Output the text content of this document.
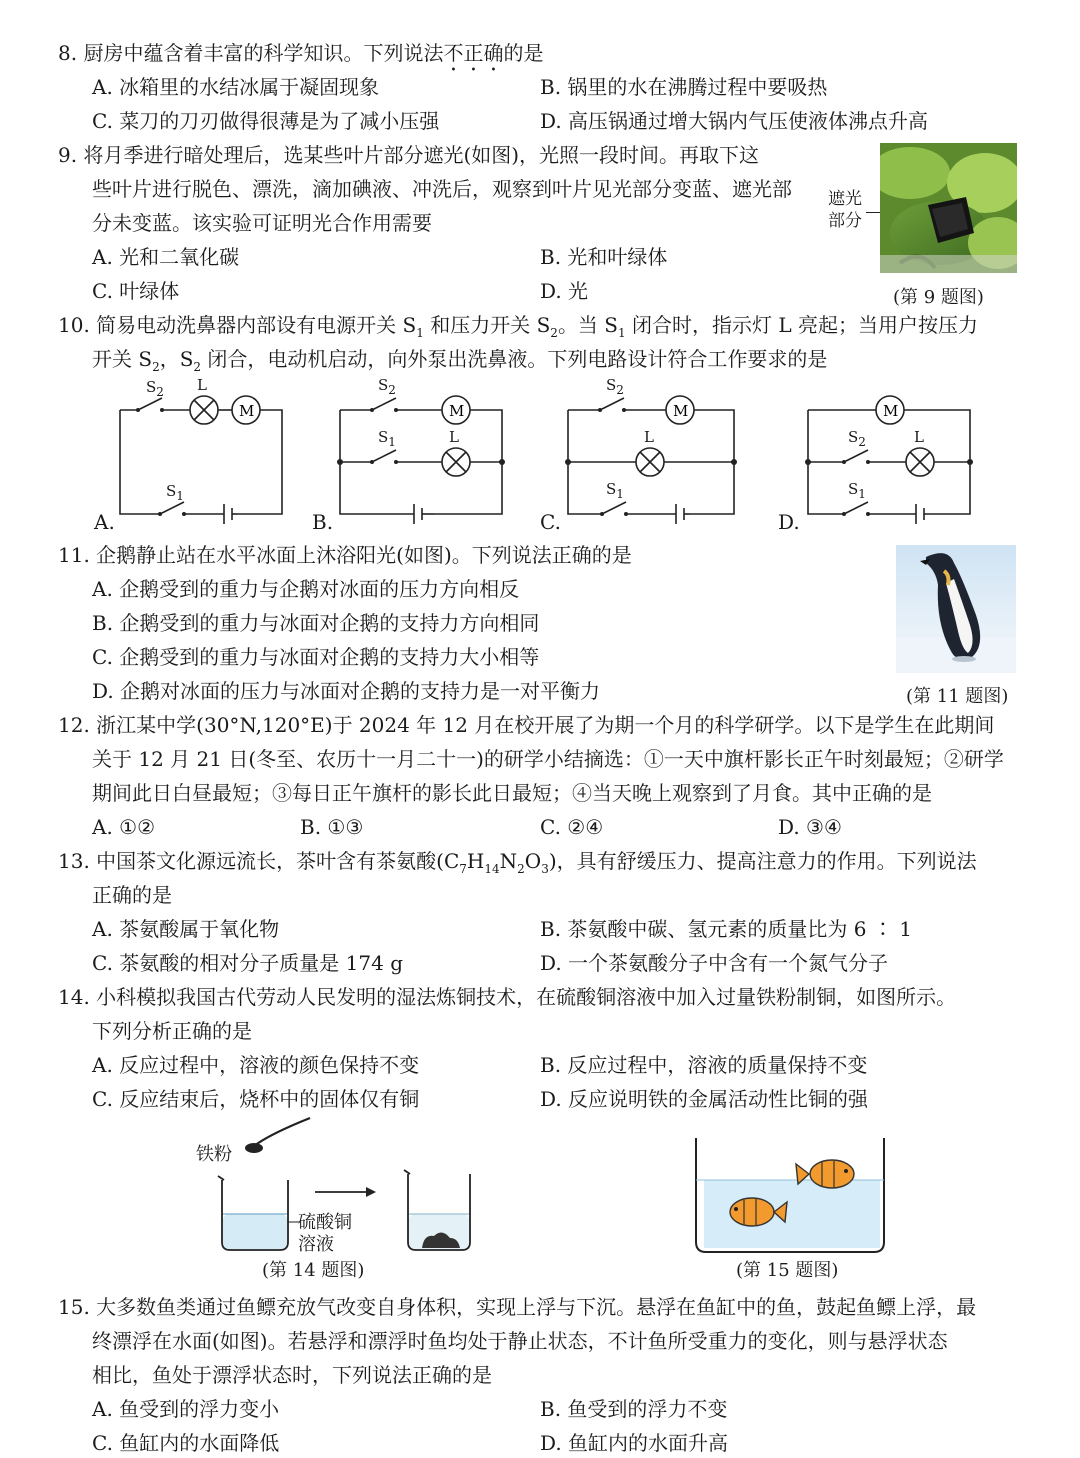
8. 厨房中蕴含着丰富的科学知识。下列说法不正确的是
A. 冰箱里的水结冰属于凝固现象	B. 锅里的水在沸腾过程中要吸热
C. 菜刀的刀刃做得很薄是为了减小压强	D. 高压锅通过增大锅内气压使液体沸点升高
9. 将月季进行暗处理后，选某些叶片部分遮光(如图)，光照一段时间。再取下这
些叶片进行脱色、漂洗，滴加碘液、冲洗后，观察到叶片见光部分变蓝、遮光部
分未变蓝。该实验可证明光合作用需要
A. 光和二氧化碳	B. 光和叶绿体
C. 叶绿体	D. 光
遮光
部分
(第 9 题图)
10. 简易电动洗鼻器内部设有电源开关 $S_1$ 和压力开关 $S_2$。当 $S_1$ 闭合时，指示灯 L 亮起；当用户按压力
开关 $S_2$，$S_2$ 闭合，电动机启动，向外泵出洗鼻液。下列电路设计符合工作要求的是
M
$S_2$ L
$S_1$
A.
M
$S_2$
$S_1$	L
B.
M
$S_2$
L
$S_1$
C.
M
$S_2$	L
$S_1$
D.
11. 企鹅静止站在水平冰面上沐浴阳光(如图)。下列说法正确的是
A. 企鹅受到的重力与企鹅对冰面的压力方向相反
B. 企鹅受到的重力与冰面对企鹅的支持力方向相同
C. 企鹅受到的重力与冰面对企鹅的支持力大小相等
D. 企鹅对冰面的压力与冰面对企鹅的支持力是一对平衡力	(第 11 题图)
12. 浙江某中学(30°N,120°E)于 2024 年 12 月在校开展了为期一个月的科学研学。以下是学生在此期间
关于 12 月 21 日(冬至、农历十一月二十一)的研学小结摘选：①一天中旗杆影长正午时刻最短；②研学
期间此日白昼最短；③每日正午旗杆的影长此日最短；④当天晚上观察到了月食。其中正确的是
A. ①②	B. ①③	C. ②④	D. ③④
13. 中国茶文化源远流长，茶叶含有茶氨酸$(C_7H_{14}N_2O_3)$，具有舒缓压力、提高注意力的作用。下列说法
正确的是
A. 茶氨酸属于氧化物	B. 茶氨酸中碳、氢元素的质量比为 6 ∶ 1
C. 茶氨酸的相对分子质量是 174 g	D. 一个茶氨酸分子中含有一个氮气分子
14. 小科模拟我国古代劳动人民发明的湿法炼铜技术，在硫酸铜溶液中加入过量铁粉制铜，如图所示。
下列分析正确的是
A. 反应过程中，溶液的颜色保持不变	B. 反应过程中，溶液的质量保持不变
C. 反应结束后，烧杯中的固体仅有铜	D. 反应说明铁的金属活动性比铜的强
铁粉
硫酸铜
溶液
(第 14 题图)	(第 15 题图)
15. 大多数鱼类通过鱼鳔充放气改变自身体积，实现上浮与下沉。悬浮在鱼缸中的鱼，鼓起鱼鳔上浮，最
终漂浮在水面(如图)。若悬浮和漂浮时鱼均处于静止状态，不计鱼所受重力的变化，则与悬浮状态
相比，鱼处于漂浮状态时，下列说法正确的是
A. 鱼受到的浮力变小	B. 鱼受到的浮力不变
C. 鱼缸内的水面降低	D. 鱼缸内的水面升高
